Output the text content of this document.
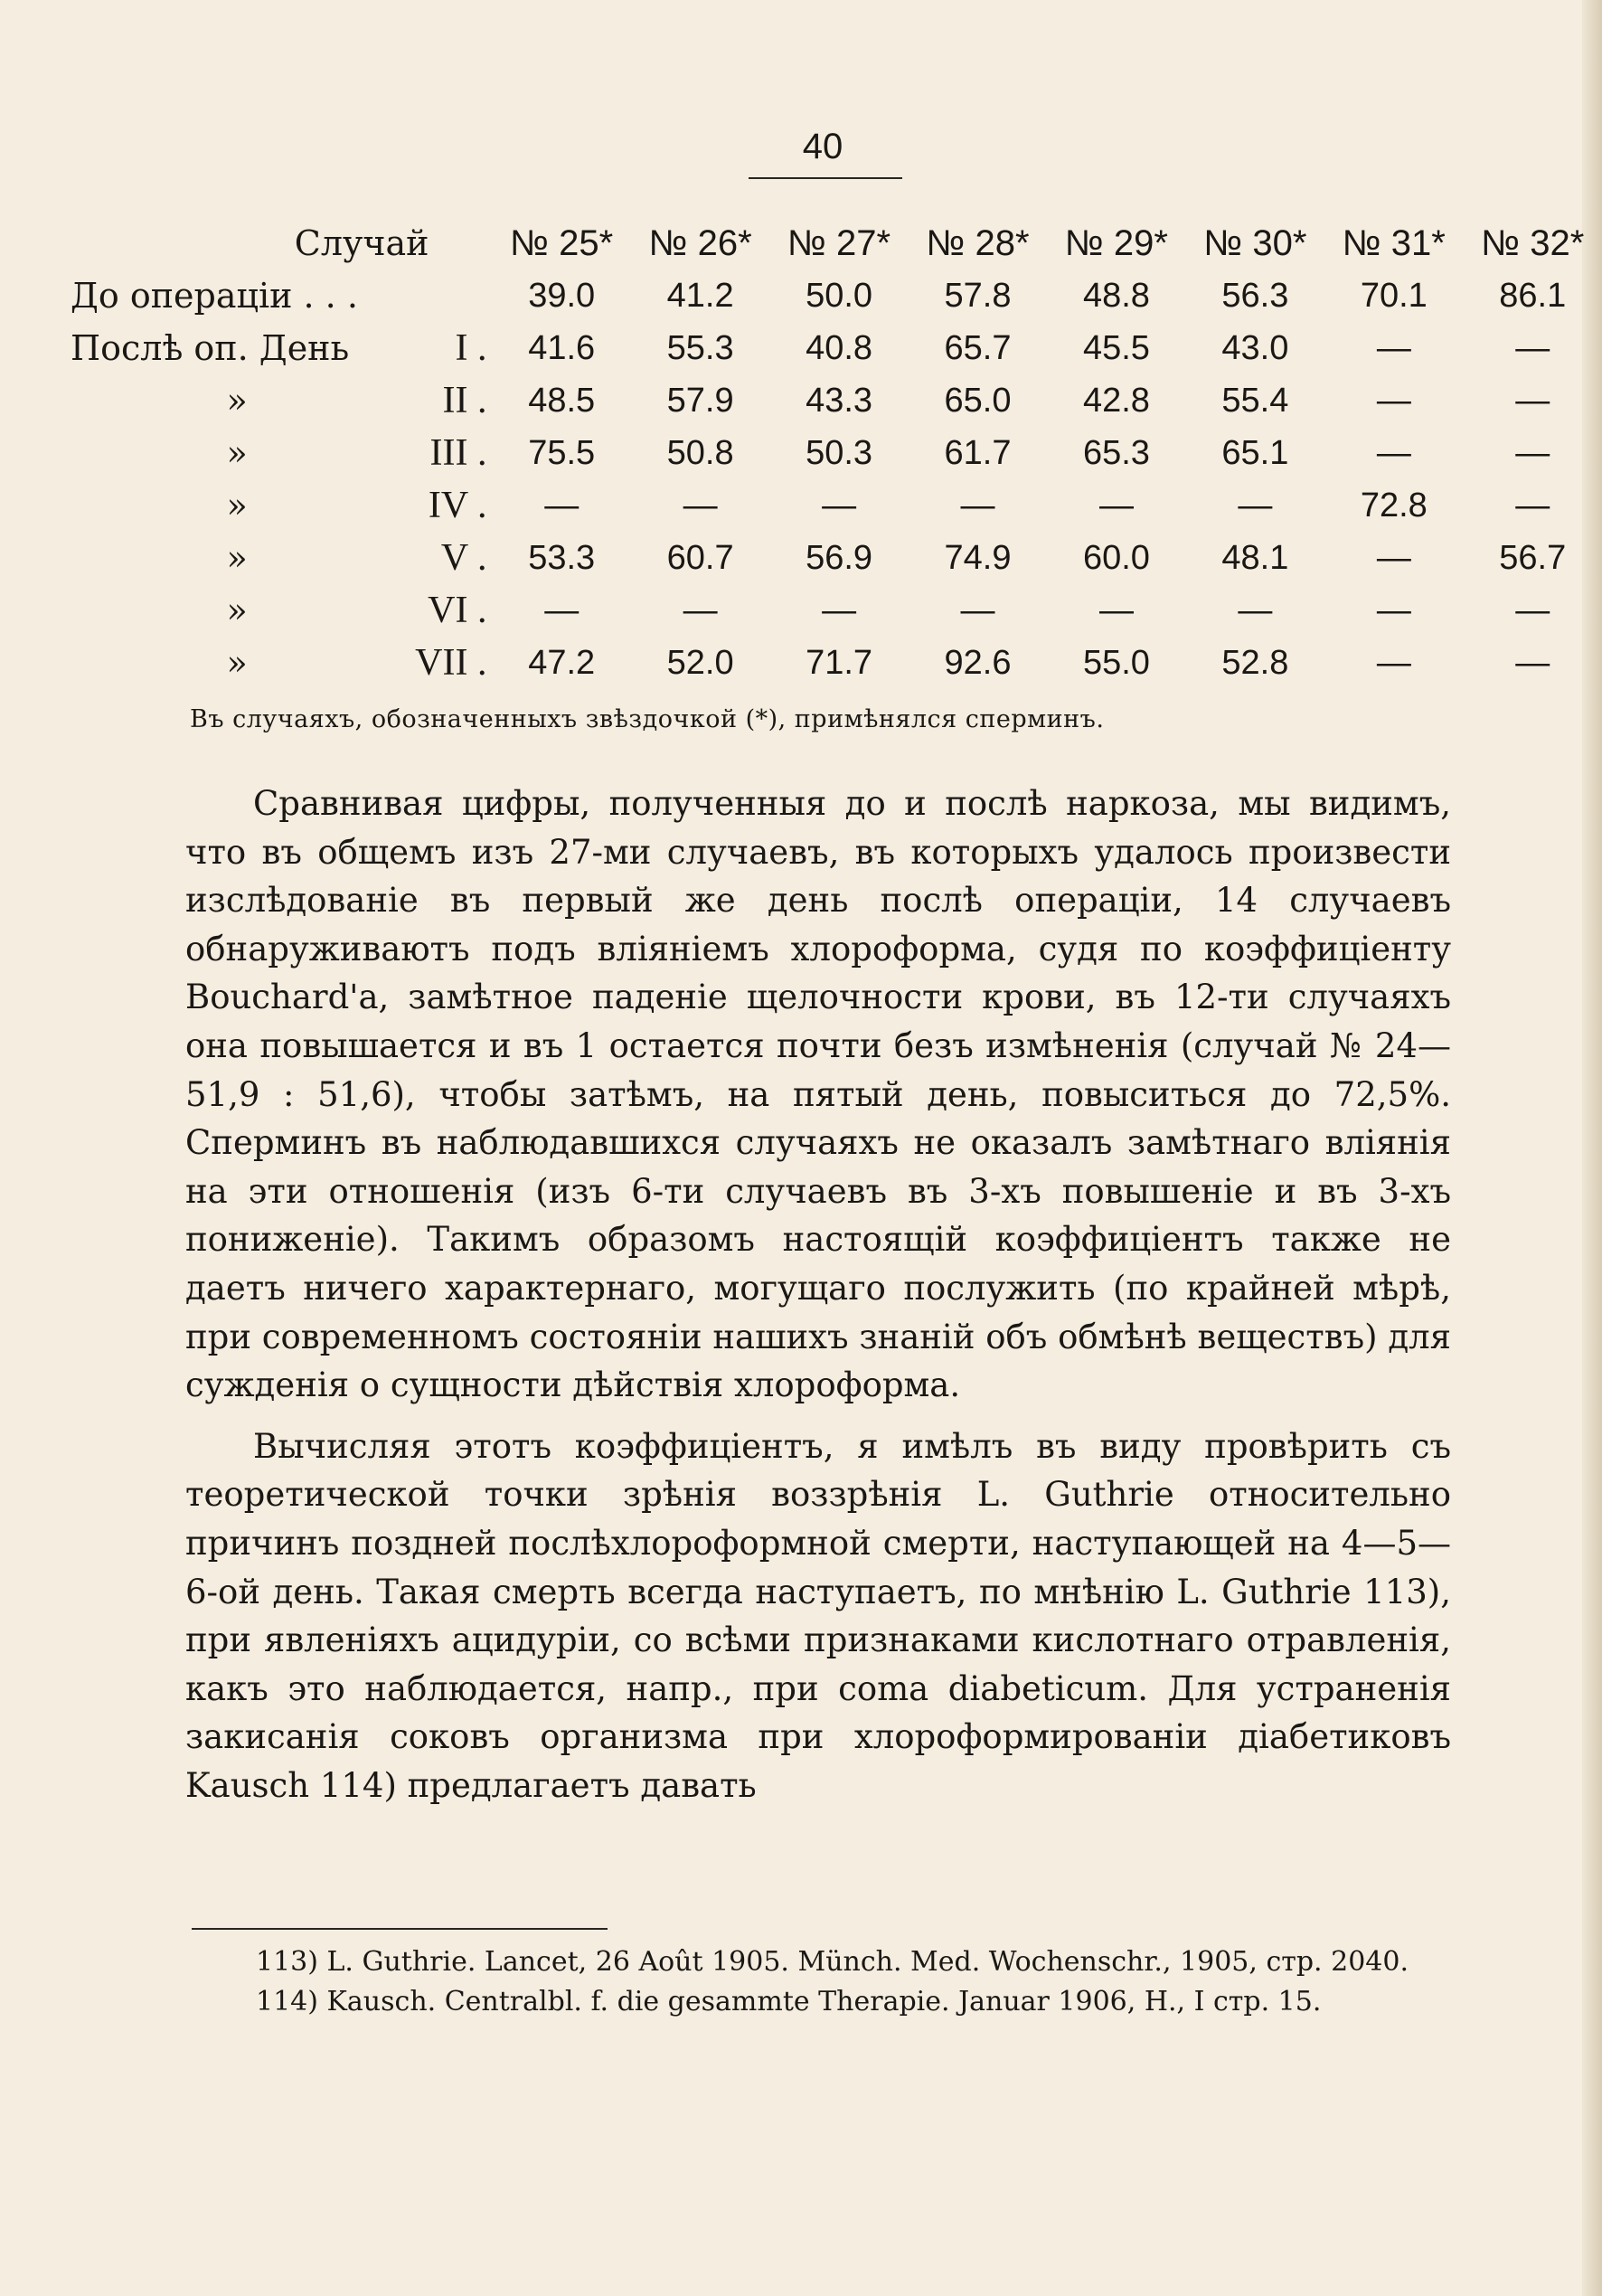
40
Случай		№ 25*	№ 26*	№ 27*	№ 28*	№ 29*	№ 30*	№ 31*	№ 32*
До операціи . . .		39.0	41.2	50.0	57.8	48.8	56.3	70.1	86.1
Послѣ оп. День	I .	41.6	55.3	40.8	65.7	45.5	43.0	—	—
»	II .	48.5	57.9	43.3	65.0	42.8	55.4	—	—
»	III .	75.5	50.8	50.3	61.7	65.3	65.1	—	—
»	IV .	—	—	—	—	—	—	72.8	—
»	V .	53.3	60.7	56.9	74.9	60.0	48.1	—	56.7
»	VI .	—	—	—	—	—	—	—	—
»	VII .	47.2	52.0	71.7	92.6	55.0	52.8	—	—
Въ случаяхъ, обозначенныхъ звѣздочкой (*), примѣнялся сперминъ.

Сравнивая цифры, полученныя до и послѣ наркоза, мы видимъ, что въ общемъ изъ 27-ми случаевъ, въ которыхъ удалось произвести изслѣдованіе въ первый же день послѣ операціи, 14 случаевъ обнаруживаютъ подъ вліяніемъ хлороформа, судя по коэффиціенту Bouchard'a, замѣтное паденіе щелочности крови, въ 12-ти случаяхъ она повышается и въ 1 остается почти безъ измѣненія (случай № 24—51,9 : 51,6), чтобы затѣмъ, на пятый день, повыситься до 72,5%. Сперминъ въ наблюдавшихся случаяхъ не оказалъ замѣтнаго вліянія на эти отношенія (изъ 6-ти случаевъ въ 3-хъ повышеніе и въ 3-хъ пониженіе). Такимъ образомъ настоящій коэффиціентъ также не даетъ ничего характернаго, могущаго послужить (по крайней мѣрѣ, при современномъ состояніи нашихъ знаній объ обмѣнѣ веществъ) для сужденія о сущности дѣйствія хлороформа.

Вычисляя этотъ коэффиціентъ, я имѣлъ въ виду провѣрить съ теоретической точки зрѣнія воззрѣнія L. Guthrie относительно причинъ поздней послѣхлороформной смерти, наступающей на 4—5—6-ой день. Такая смерть всегда наступаетъ, по мнѣнію L. Guthrie 113), при явленіяхъ ацидуріи, со всѣми признаками кислотнаго отравленія, какъ это наблюдается, напр., при coma diabeticum. Для устраненія закисанія соковъ организма при хлороформированіи діабетиковъ Kausch 114) предлагаетъ давать

113) L. Guthrie. Lancet, 26 Août 1905. Münch. Med. Wochenschr., 1905, стр. 2040.
114) Kausch. Centralbl. f. die gesammte Therapie. Januar 1906, H., I стр. 15.
